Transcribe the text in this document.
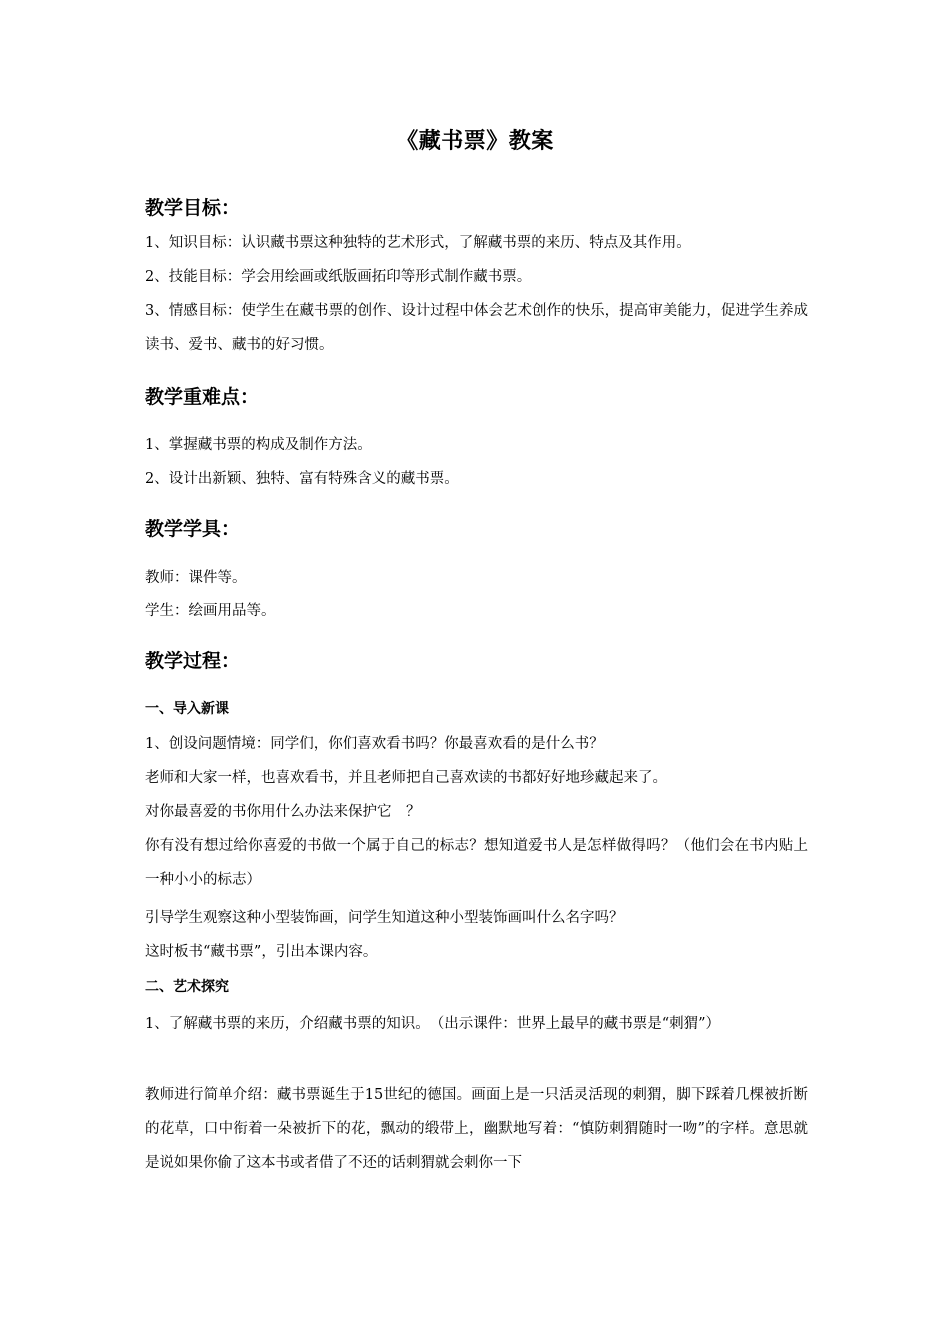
《藏书票》教案
教学目标：
1、知识目标：认识藏书票这种独特的艺术形式，了解藏书票的来历、特点及其作用。
2、技能目标：学会用绘画或纸版画拓印等形式制作藏书票。
3、情感目标：使学生在藏书票的创作、设计过程中体会艺术创作的快乐，提高审美能力，促进学生养成读书、爱书、藏书的好习惯。
教学重难点：
1、掌握藏书票的构成及制作方法。
2、设计出新颖、独特、富有特殊含义的藏书票。
教学学具：
教师：课件等。
学生：绘画用品等。
教学过程：
一、导入新课
1、创设问题情境：同学们，你们喜欢看书吗？你最喜欢看的是什么书？
老师和大家一样，也喜欢看书，并且老师把自己喜欢读的书都好好地珍藏起来了。
对你最喜爱的书你用什么办法来保护它　？
你有没有想过给你喜爱的书做一个属于自己的标志？想知道爱书人是怎样做得吗？（他们会在书内贴上一种小小的标志）
引导学生观察这种小型装饰画，问学生知道这种小型装饰画叫什么名字吗？
这时板书“藏书票”，引出本课内容。
二、艺术探究
1、了解藏书票的来历，介绍藏书票的知识。　（出示课件：世界上最早的藏书票是“刺猬”）
教师进行简单介绍：藏书票诞生于15世纪的德国。画面上是一只活灵活现的刺猬，脚下踩着几棵被折断的花草，口中衔着一朵被折下的花，飘动的缎带上，幽默地写着：“慎防刺猬随时一吻”的字样。意思就是说如果你偷了这本书或者借了不还的话刺猬就会刺你一下
